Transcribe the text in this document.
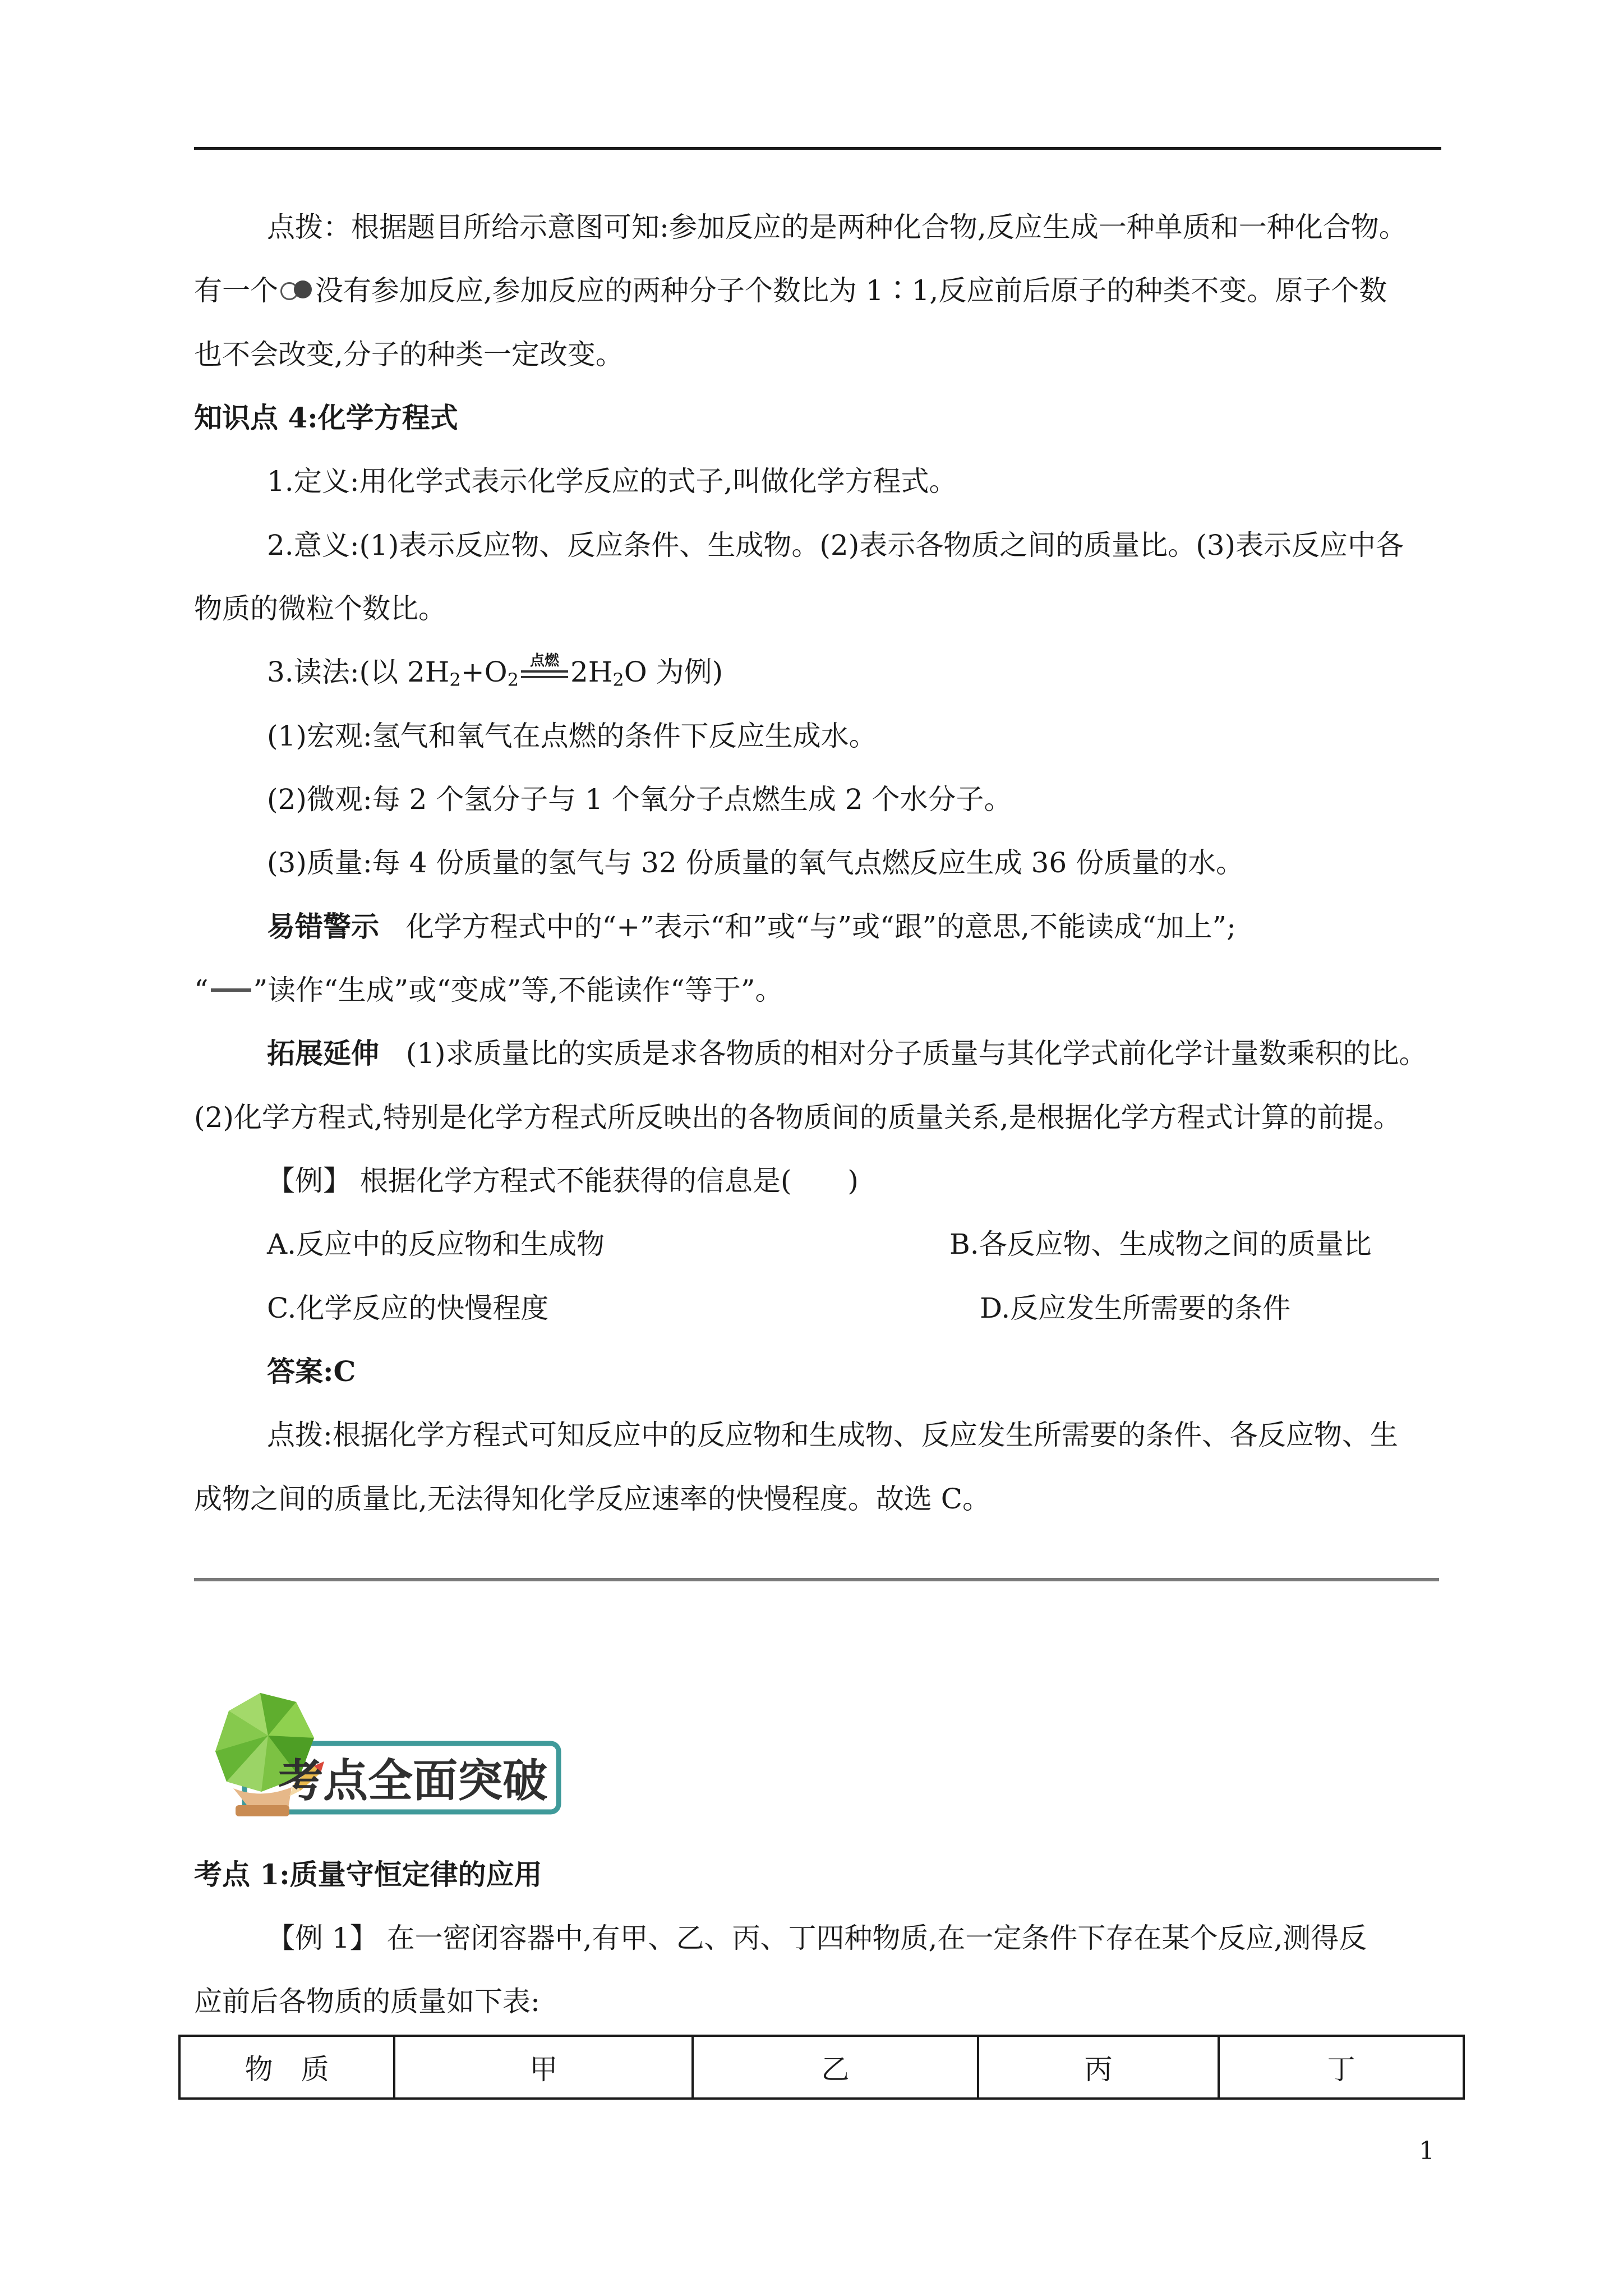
点拨：根据题目所给示意图可知:参加反应的是两种化合物,反应生成一种单质和一种化合物。
有一个 没有参加反应,参加反应的两种分子个数比为 1∶1,反应前后原子的种类不变。原子个数
也不会改变,分子的种类一定改变。
知识点 4:化学方程式
1.定义:用化学式表示化学反应的式子,叫做化学方程式。
2.意义:(1)表示反应物、反应条件、生成物。(2)表示各物质之间的质量比。(3)表示反应中各
物质的微粒个数比。
3.读法:(以 $2H_2+O_2$
点燃 $2H_2O$ 为例)
(1)宏观:氢气和氧气在点燃的条件下反应生成水。
(2)微观:每 2 个氢分子与 1 个氧分子点燃生成 2 个水分子。
(3)质量:每 4 份质量的氢气与 32 份质量的氧气点燃反应生成 36 份质量的水。
易错警示 化学方程式中的“+”表示“和”或“与”或“跟”的意思,不能读成“加上”;
“ ”读作“生成”或“变成”等,不能读作“等于”。
拓展延伸 (1)求质量比的实质是求各物质的相对分子质量与其化学式前化学计量数乘积的比。
(2)化学方程式,特别是化学方程式所反映出的各物质间的质量关系,是根据化学方程式计算的前提。
【例】 根据化学方程式不能获得的信息是(　　)
A.反应中的反应物和生成物	B.各反应物、生成物之间的质量比
C.化学反应的快慢程度	D.反应发生所需要的条件
答案:C
点拨:根据化学方程式可知反应中的反应物和生成物、反应发生所需要的条件、各反应物、生
成物之间的质量比,无法得知化学反应速率的快慢程度。故选 C。
考点全面突破
考点 1:质量守恒定律的应用
【例 1】 在一密闭容器中,有甲、乙、丙、丁四种物质,在一定条件下存在某个反应,测得反
应前后各物质的质量如下表:
物　质	甲	乙	丙	丁
1
